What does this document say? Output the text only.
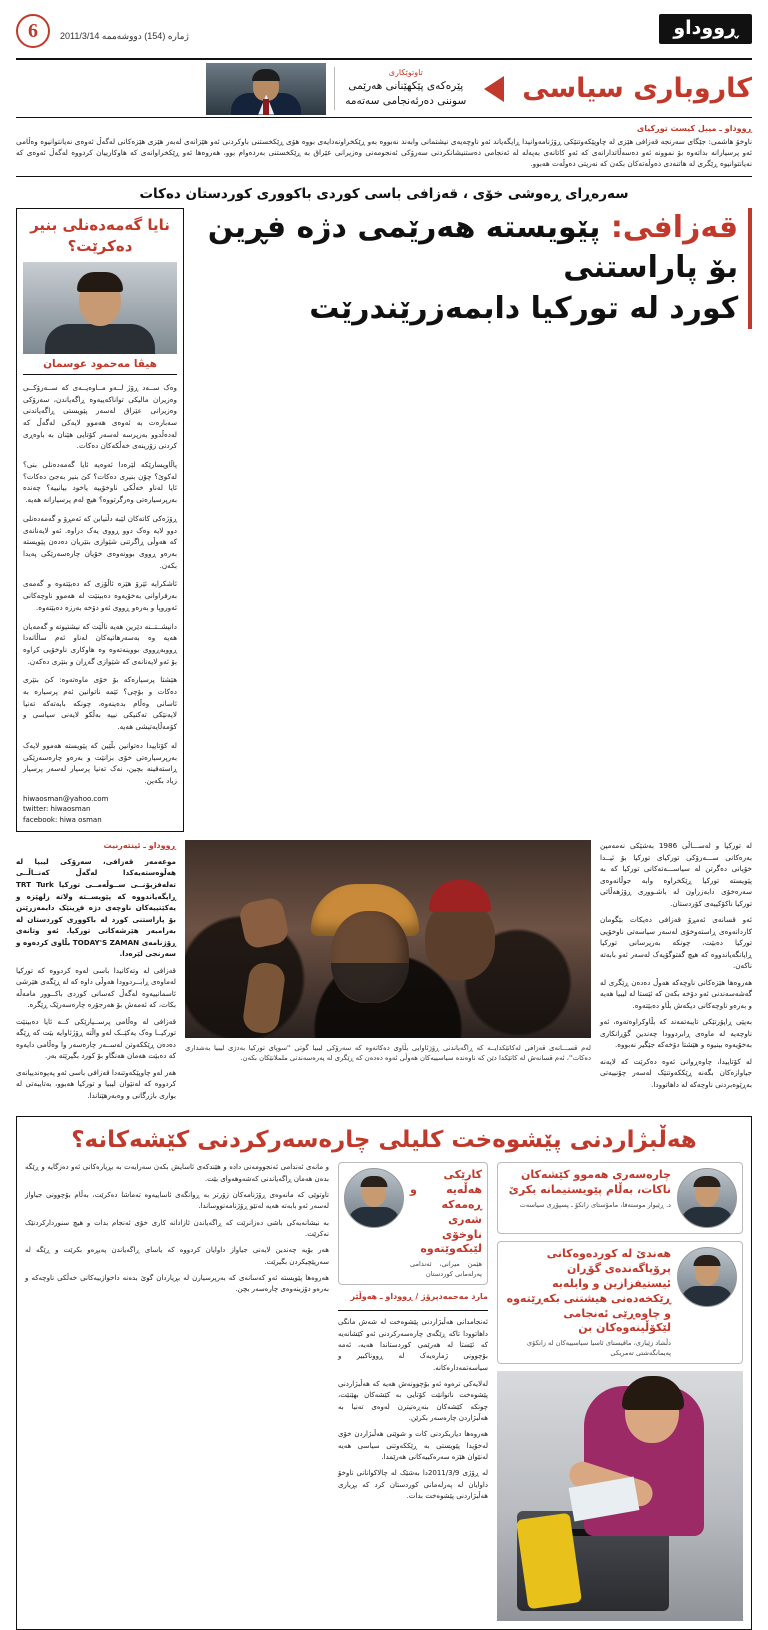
ڕووداو
ژمارە (154) دووشەممە 2011/3/14
6
کاروباری سیاسی
تاوتوێکاری
پێرەکەی پێکهێنانی هەرێمی
سوننی دەرئەنجامی سەتەمە
ڕووداو ـ میبل کیست تورکیای
ناوخۆ هاشمی: جێگای سەرنجە قەزافی هێزی لە چاوپێکەوتنێکی ڕۆژنامەوانیدا ڕایگەیاند ئەو ناوچەیەی نیشتمانی وابەند نەبووە بەو ڕێکخراونەدایەی بووە هۆی ڕێکخستنی باوکردنی ئەو هێزانەی لەبەر هێزی هێزەکانی لەگەڵ ئەوەی نەیانتوانیوە وەڵامی ئەو پرسیارانە بداتەوە بۆ نموونە ئەو دەسەڵاتدارانەی کە ئەو کاتانەی بەپەلە لە ئەنجامی دەستنیشانکردنی سەرۆکی ئەنجومەنی وەزیرانی عێراق بە ڕێکخستنی بەردەوام بوو، هەروەها ئەو ڕێکخراوانەی کە هاوکارییان کردووە لەگەڵ ئەوەی کە نەیانتوانیوە ڕێگری لە هاتنەدی دەوڵەتەکان بکەن کە نەریتی دەوڵەت هەبوو.
سەرەڕای ڕەوشی خۆی ، قەزافی باسی کوردی باکووری کوردستان دەکات
قەزافی: پێویستە هەرێمی دژە فڕین بۆ پاراستنی
کورد لە تورکیا دابمەزرێندرێت
نایا گەمەدەنلی بنیر دەکرێت؟
هیڤا مەحمود عوسمان

وەک ســەد ڕۆژ لــەو مــاوەیــەی کە ســەرۆکــی وەزیران مالیکی تواناکەییەوە ڕاگەیاندن، سەرۆکی وەزیرانی عێراق لەسەر پێویستی ڕاگەیاندنی سەبارەت بە ئەوەی هەموو لایەکی لەگەڵ کە لەدەڵدوو بەرپرسە لەسەر کۆتایی هێنان بە باوەڕی کردنی زۆرینەی خەڵکەکان دەکات.

پاڵاوپسارێکە لێرەدا ئەوەیە ئایا گەمەدەنلی بنی؟ لەکوێ؟ چۆن بنیری دەکات؟ کێ بنیر بەجێ دەکات؟ ئایا لەناو خەڵکی ناوخۆییە یاخود بیانییە؟ چەندە بەرپرسیارەتی وەرگرتووە؟ هیچ لەم پرسیارانە هەیە.

ڕۆژەکی کاتەکان لێبە دڵنیابن کە ئەمڕۆ و گەمەدەنلی دوو لایە وەک دوو ڕووی یەک دراوە. ئەو لایەنانەی کە هەوڵی ڕاگرتنی شێوازی بنێریان دەدەن پێویستە بەرەو ڕووی بوونەوەی خۆیان چارەسەرێکی پەیدا بکەن.

ئاشکرایە ئێرۆ هێزە ئاڵۆزی کە دەبێتەوە و گەمەی بەرفراوانی بەخۆیەوە دەبینێت لە هەموو ناوچەکانی ئەوروپا و بەرەو ڕووی ئەو دۆخە بەرزە دەبێتەوە.

دانیشــتــنە دێرین هەیە ناڵێت کە نیشتیوتە و گەمەیان هەیە وە بەسەرهاتیەکان لەناو ئەم ساڵانەدا ڕووبەڕووی بووینەتەوە وە هاوکاری ناوخۆیی کراوە بۆ ئەو لایەنانەی کە شێوازی گەڕان و بنێری دەکەن.

هێشتا پرسیارەکە بۆ خۆی ماوەتەوە: کێ بنێری دەکات و بۆچی؟ ئێمە ناتوانین ئەم پرسیارە بە ئاسانی وەڵام بدەینەوە، چونکە بابەتەکە تەنیا لایەنێکی تەکنیکی نییە بەڵکو لایەنی سیاسی و کۆمەڵایەتیشی هەیە.

لە کۆتاییدا دەتوانین بڵێین کە پێویستە هەموو لایەک بەرپرسیارەتی خۆی بزانێت و بەرەو چارەسەرێکی ڕاستەقینە بچین، نەک تەنیا پرسیار لەسەر پرسیار زیاد بکەین.

hiwaosman@yahoo.com
twitter: hiwaosman
facebook: hiwa osman

لە تورکیا و لەســـاڵی 1986 بەشێکی نەمەمین بەرەکانی ســـەرۆکی تورکیای تورکیا بۆ ئیــدا خۆیانی دەگرتن لە سیاســـەتەکانی تورکیا کە بە پێویستە تورکیا ڕێکخراوە وابە جوڵانەوەی سەرەخۆی دابەزراون لە باشـوورى ڕۆژهەڵاتی تورکیا ناکۆکییەی کۆردستان.

ئەو قسانەی ئەمڕۆ قەزافی دەیکات بێگومان کاردانەوەی ڕاستەوخۆی لەسەر سیاسەتی ناوخۆیی تورکیا دەبێت، چونکە بەرپرسانی تورکیا ڕایانگەیاندووە کە هیچ گفتوگۆیەک لەسەر ئەو بابەتە ناکەن.

هەروەها هێزەکانی ناوچەکە هەوڵ دەدەن ڕێگری لە گەشەسەندنی ئەو دۆخە بکەن کە ئێستا لە لیبیا هەیە و بەرەو ناوچەکانی دیکەش بڵاو دەبێتەوە.

بەپێی ڕاپۆرتێکی تایبەتمەند کە بڵاوکراوەتەوە، ئەو ناوچەیە لە ماوەی ڕابردوودا چەندین گۆڕانکاری بەخۆیەوە بینیوە و هێشتا دۆخەکە جێگیر نەبووە.

لە کۆتاییدا، چاوەڕوانی ئەوە دەکرێت کە لایەنە جیاوازەکان بگەنە ڕێککەوتنێک لەسەر چۆنییەتی بەڕێوەبردنی ناوچەکە لە داهاتوودا.

لەم قســـانەی قەزافی لەکاتێکدایــە کە ڕاگەیاندنی ڕۆژئاوایی بڵاوی دەکاتەوە کە سەرۆکی لیبیا گوتی ''سوپای تورکیا بەدژی لیبیا بەشداری دەکات''، ئەم قسانەش لە کاتێکدا دێن کە ناوەندە سیاسییەکان هەوڵی ئەوە دەدەن کە ڕێگری لە پەرەسەندنی ململانێکان بکەن.
ڕووداو ـ ئینتەرنیت

موعەمەر قەزافی، سەرۆکی لیبیا لە هەڵوەستەیەکدا لەگەڵ کەنــاڵــی تەلەفزیۆنــی ســوڵەمــی تورکیا TRT Turk ڕایگەیاندووە کە پێویســتە ولاتە زلهێزە و یەکێتییەکان ناوچەی دژە فڕینێک دابمەزرێنن بۆ پاراستنی کورد لە باکووری کوردستان لە بەرامبەر هێرشەکانی تورکیا. ئەو وتانەی ڕۆژنامەی TODAY'S ZAMAN بڵاوی کردەوە و سەرنجی لێرەدا.

قەزافی لە وتەکانیدا باسی لەوە کردووە کە تورکیا لەماوەی ڕابــردوودا هەوڵی داوە کە لە ڕێگەی هێرشی ئاسمانییەوە لەگەڵ کەسانی کوردی باکــوور مامەڵە بکات، کە ئەمەش بۆ هەرجۆرە چارەسەرێک ڕێگرە.

قەزافی لە وەڵامی پرســیارێکی کــە ئایا دەبینێت تورکیــا وەک یەکێــک لەو واڵتە ڕۆژئاوایە بێت کە ڕێگە دەدەن ڕێککەوتن لەســەر چارەسەر وا وەڵامی دایەوە کە دەبێت هەمان هەنگاو بۆ کورد بگیرێتە بەر.

هەر لەو چاوپێکەوتنەدا قەزافی باسی ئەو پەیوەندییانەی کردووە کە لەنێوان لیبیا و تورکیا هەبوو، بەتایبەتی لە بواری بازرگانی و وەبەرهێناندا.

هەڵبژاردنی پێشوەخت کلیلی چارەسەرکردنی کێشەکانە؟
چارەسەری هەموو کێشەکان ناکات، بەڵام پێویستیمانە بکرێ
د. ڕێبوار موستەفا، مامۆستای زانکۆ ـ پسپۆڕی سیاسەت
هەندێ لە کوردەوەکانی پرۆپاگەندەی گۆڕان ئیستیفزازین و وابلەبە ڕێکخەدەنی هیشتنی بکەڕێتەوە و چاوەڕێی ئەنجامی لێکۆڵینەوەکان بن
دڵشاد زێباری، ماڤیستای ئاسیا سیاسییەکان لە زانکۆی پەیمانگەشتی تەمریکی
کارێکی هەڵەیە و ڕەمەکە شەری ناوخۆی لێبکەوێتەوە
هێمن میرانی، ئەندامی پەرلەمانی کوردستان
مارد مەحمەدپرۆژ / ڕووداو ـ هەوڵێر

ئەنجامدانی هەڵبژاردنی پێشوەخت لە شەش مانگی داهاتوودا تاکە ڕێگەی چارەسەرکردنی ئەو کێشانەیە کە ئێستا لە هەرێمی کوردستاندا هەیە، ئەمە بۆچوونی ژمارەیەک لە ڕووناکبیر و سیاسەتمەدارەکانە.

لەلایەکی ترەوە ئەو بۆچوونەش هەیە کە هەڵبژاردنی پێشوەخت ناتوانێت کۆتایی بە کێشەکان بهێنێت، چونکە کێشەکان بنەڕەتیترن لەوەی تەنیا بە هەڵبژاردن چارەسەر بکرێن.

هەروەها دیاریکردنی کات و شوێنی هەڵبژاردن خۆی لەخۆیدا پێویستی بە ڕێککەوتنی سیاسی هەیە لەنێوان هێزە سەرەکییەکانی هەرێمدا.

لە ڕۆژی 2011/3/9دا بەشێک لە چالاکوانانی ناوخۆ داوایان لە پەرلەمانی کوردستان کرد کە بڕیاری هەڵبژاردنی پێشوەخت بدات.

و مانەی ئەندامی ئەنجوومەنی دادە و هێندکەی ئاسایش بکەن سەرایەت بە بڕیارەکانی ئەو دەزگایە و ڕێگە بدەن هەمان ڕاگەیاندنی کەشەوهەوای بێت.

تاوتوێی کە مانەوەی ڕۆژنامەکان زۆرتر بە ڕوانگەی ئاساییەوە تەماشا دەکرێت، بەڵام بۆچوونی جیاواز لەسەر ئەو بابەتە هەیە لەنێو ڕۆژنامەنووساندا.

بە نیشانەیەکی باشی دەزانرێت کە ڕاگەیاندن ئازادانە کاری خۆی ئەنجام بدات و هیچ سنوردارکردنێک نەکرێت.

هەر بۆیە چەندین لایەنی جیاواز داوایان کردووە کە یاسای ڕاگەیاندن پەیڕەو بکرێت و ڕێگە لە سەرپێچیکردن بگیرێت.

هەروەها پێویستە ئەو کەسانەی کە بەرپرسیارن لە بڕیاردان گوێ بدەنە داخوازییەکانی خەڵکی ناوچەکە و بەرەو دۆزینەوەی چارەسەر بچن.
